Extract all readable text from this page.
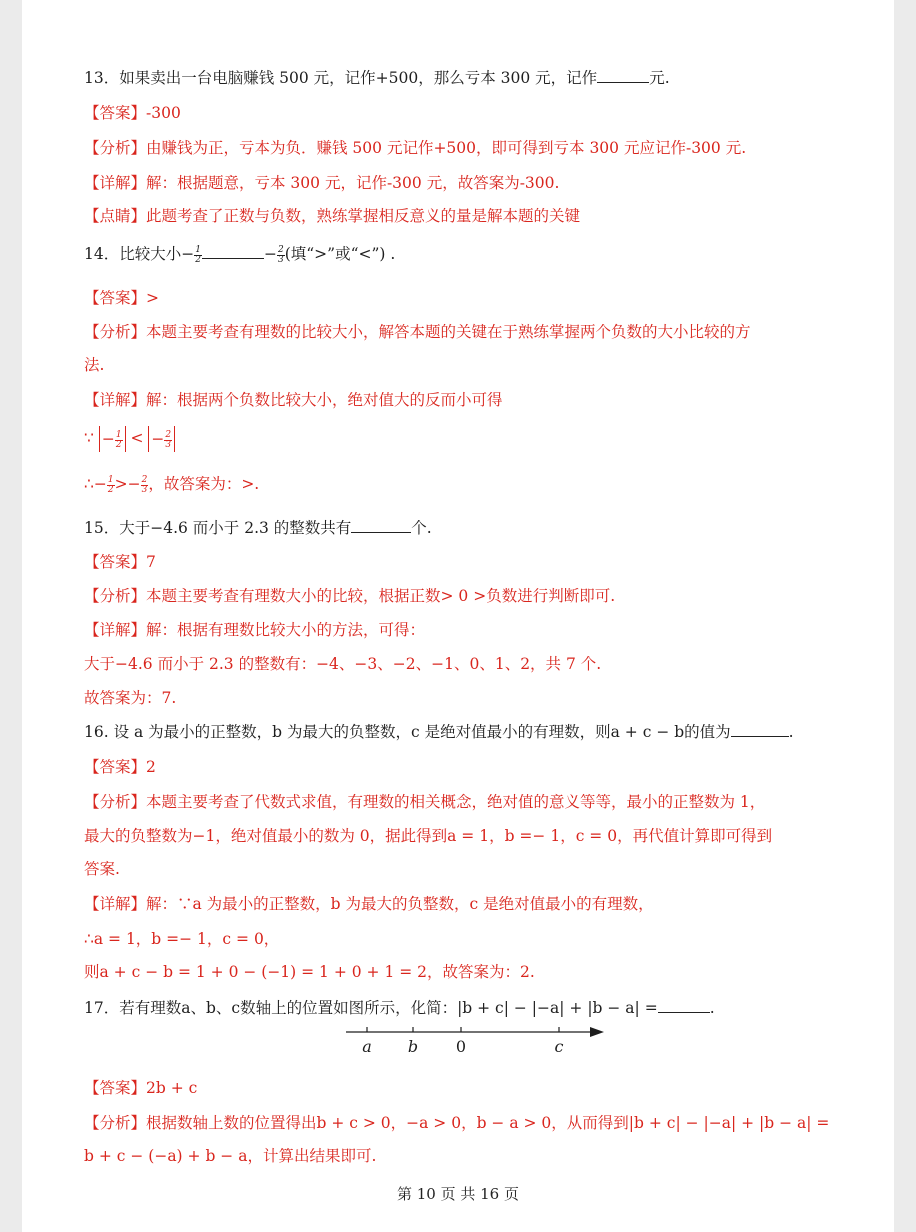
13．如果卖出一台电脑赚钱 500 元，记作+500，那么亏本 300 元，记作	元.
【答案】-300
【分析】由赚钱为正，亏本为负．赚钱 500 元记作+500，即可得到亏本 300 元应记作-300 元.
【详解】解：根据题意，亏本 300 元，记作-300 元，故答案为-300.
【点睛】此题考查了正数与负数，熟练掌握相反意义的量是解本题的关键
14．比较大小− $\frac{1}{2}$	− $\frac{2}{3}$ (填“>”或“<”) .
【答案】>
【分析】本题主要考查有理数的比较大小，解答本题的关键在于熟练掌握两个负数的大小比较的方
法.
【详解】解：根据两个负数比较大小，绝对值大的反而小可得
∵ − $\frac{1}{2}$ < − $\frac{2}{3}$
∴− $\frac{1}{2} >- \frac{2}{3}$ ，故答案为：>.
15．大于−4.6 而小于 2.3 的整数共有	个.
【答案】7
【分析】本题主要考查有理数大小的比较，根据正数> 0 >负数进行判断即可.
【详解】解：根据有理数比较大小的方法，可得：
大于−4.6 而小于 2.3 的整数有：−4、−3、−2、−1、0、1、2，共 7 个.
故答案为：7.
16. 设 a 为最小的正整数，b 为最大的负整数，c 是绝对值最小的有理数，则a + c − b的值为	.
【答案】2
【分析】本题主要考查了代数式求值，有理数的相关概念，绝对值的意义等等，最小的正整数为 1，
最大的负整数为−1，绝对值最小的数为 0，据此得到a = 1，b =− 1，c = 0，再代值计算即可得到
答案.
【详解】解：∵a 为最小的正整数，b 为最大的负整数，c 是绝对值最小的有理数，
∴a = 1，b =− 1，c = 0，
则a + c − b = 1 + 0 − (−1) = 1 + 0 + 1 = 2，故答案为：2.
17．若有理数a、b、c数轴上的位置如图所示，化简：|b + c| − |−a| + |b − a| =	.
a b 0	c
【答案】2b + c
【分析】根据数轴上数的位置得出b + c > 0，−a > 0，b − a > 0，从而得到|b + c| − |−a| + |b − a| =
b + c − (−a) + b − a，计算出结果即可.
第 10 页 共 16 页
